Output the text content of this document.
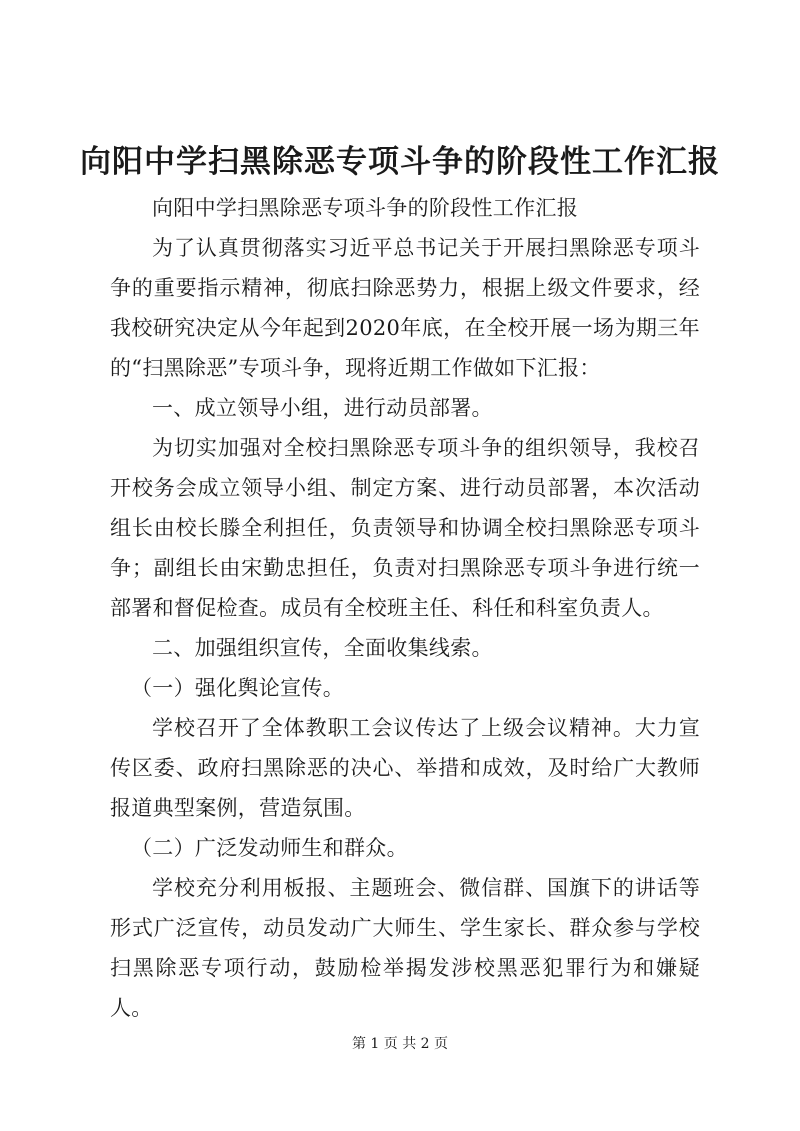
向阳中学扫黑除恶专项斗争的阶段性工作汇报

向阳中学扫黑除恶专项斗争的阶段性工作汇报

为了认真贯彻落实习近平总书记关于开展扫黑除恶专项斗争的重要指示精神，彻底扫除恶势力，根据上级文件要求，经我校研究决定从今年起到2020年底，在全校开展一场为期三年的“扫黑除恶”专项斗争，现将近期工作做如下汇报：

一、成立领导小组，进行动员部署。

为切实加强对全校扫黑除恶专项斗争的组织领导，我校召开校务会成立领导小组、制定方案、进行动员部署，本次活动组长由校长滕全利担任，负责领导和协调全校扫黑除恶专项斗争；副组长由宋勤忠担任，负责对扫黑除恶专项斗争进行统一部署和督促检查。成员有全校班主任、科任和科室负责人。

二、加强组织宣传，全面收集线索。

（一）强化舆论宣传。

学校召开了全体教职工会议传达了上级会议精神。大力宣传区委、政府扫黑除恶的决心、举措和成效，及时给广大教师报道典型案例，营造氛围。

（二）广泛发动师生和群众。

学校充分利用板报、主题班会、微信群、国旗下的讲话等形式广泛宣传，动员发动广大师生、学生家长、群众参与学校扫黑除恶专项行动，鼓励检举揭发涉校黑恶犯罪行为和嫌疑人。

第 1 页 共 2 页
